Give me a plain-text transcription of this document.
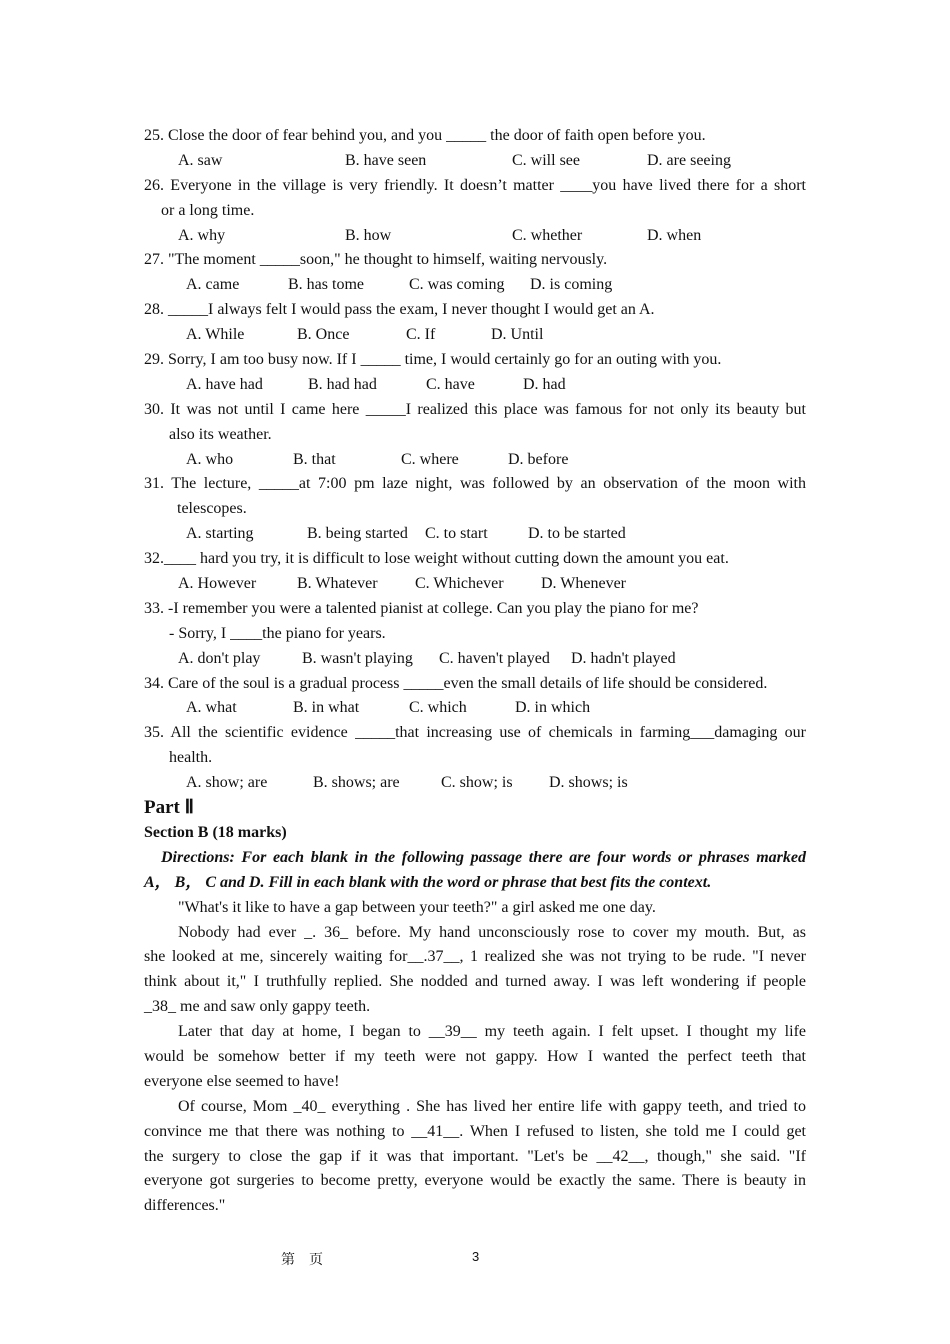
25. Close the door of fear behind you, and you _____ the door of faith open before you.
A. saw	B. have seen	C. will see	D. are seeing
26. Everyone in the village is very friendly. It doesn’t matter ____you have lived there for a short
or a long time.
A. why	B. how	C. whether	D. when
27. "The moment _____soon," he thought to himself, waiting nervously.
A. came	B. has tome	C. was coming D. is coming
28. _____I always felt I would pass the exam, I never thought I would get an A.
A. While	B. Once	C. If	D. Until
29. Sorry, I am too busy now. If I _____ time, I would certainly go for an outing with you.
A. have had	B. had had	C. have	D. had
30. It was not until I came here _____I realized this place was famous for not only its beauty but
also its weather.
A. who	B. that	C. where	D. before
31. The lecture, _____at 7:00 pm laze night, was followed by an observation of the moon with
telescopes.
A. starting	B. being started C. to start	D. to be started
32.____ hard you try, it is difficult to lose weight without cutting down the amount you eat.
A. However	B. Whatever C. Whichever D. Whenever
33. -I remember you were a talented pianist at college. Can you play the piano for me?
- Sorry, I ____the piano for years.
A. don't play	B. wasn't playing C. haven't played D. hadn't played
34. Care of the soul is a gradual process _____even the small details of life should be considered.
A. what	B. in what	C. which	D. in which
35. All the scientific evidence _____that increasing use of chemicals in farming___damaging our
health.
A. show; are	B. shows; are	C. show; is D. shows; is
Part Ⅱ
Section B (18 marks)
Directions: For each blank in the following passage there are four words or phrases marked
A， B， C and D. Fill in each blank with the word or phrase that best fits the context.
"What's it like to have a gap between your teeth?" a girl asked me one day.
Nobody had ever _. 36_ before. My hand unconsciously rose to cover my mouth. But, as
she looked at me, sincerely waiting for__.37__, 1 realized she was not trying to be rude. "I never
think about it," I truthfully replied. She nodded and turned away. I was left wondering if people
_38_ me and saw only gappy teeth.
Later that day at home, I began to __39__ my teeth again. I felt upset. I thought my life
would be somehow better if my teeth were not gappy. How I wanted the perfect teeth that
everyone else seemed to have!
Of course, Mom _40_ everything . She has lived her entire life with gappy teeth, and tried to
convince me that there was nothing to __41__. When I refused to listen, she told me I could get
the surgery to close the gap if it was that important. "Let's be __42__, though," she said. "If
everyone got surgeries to become pretty, everyone would be exactly the same. There is beauty in
differences."
第    页	3
